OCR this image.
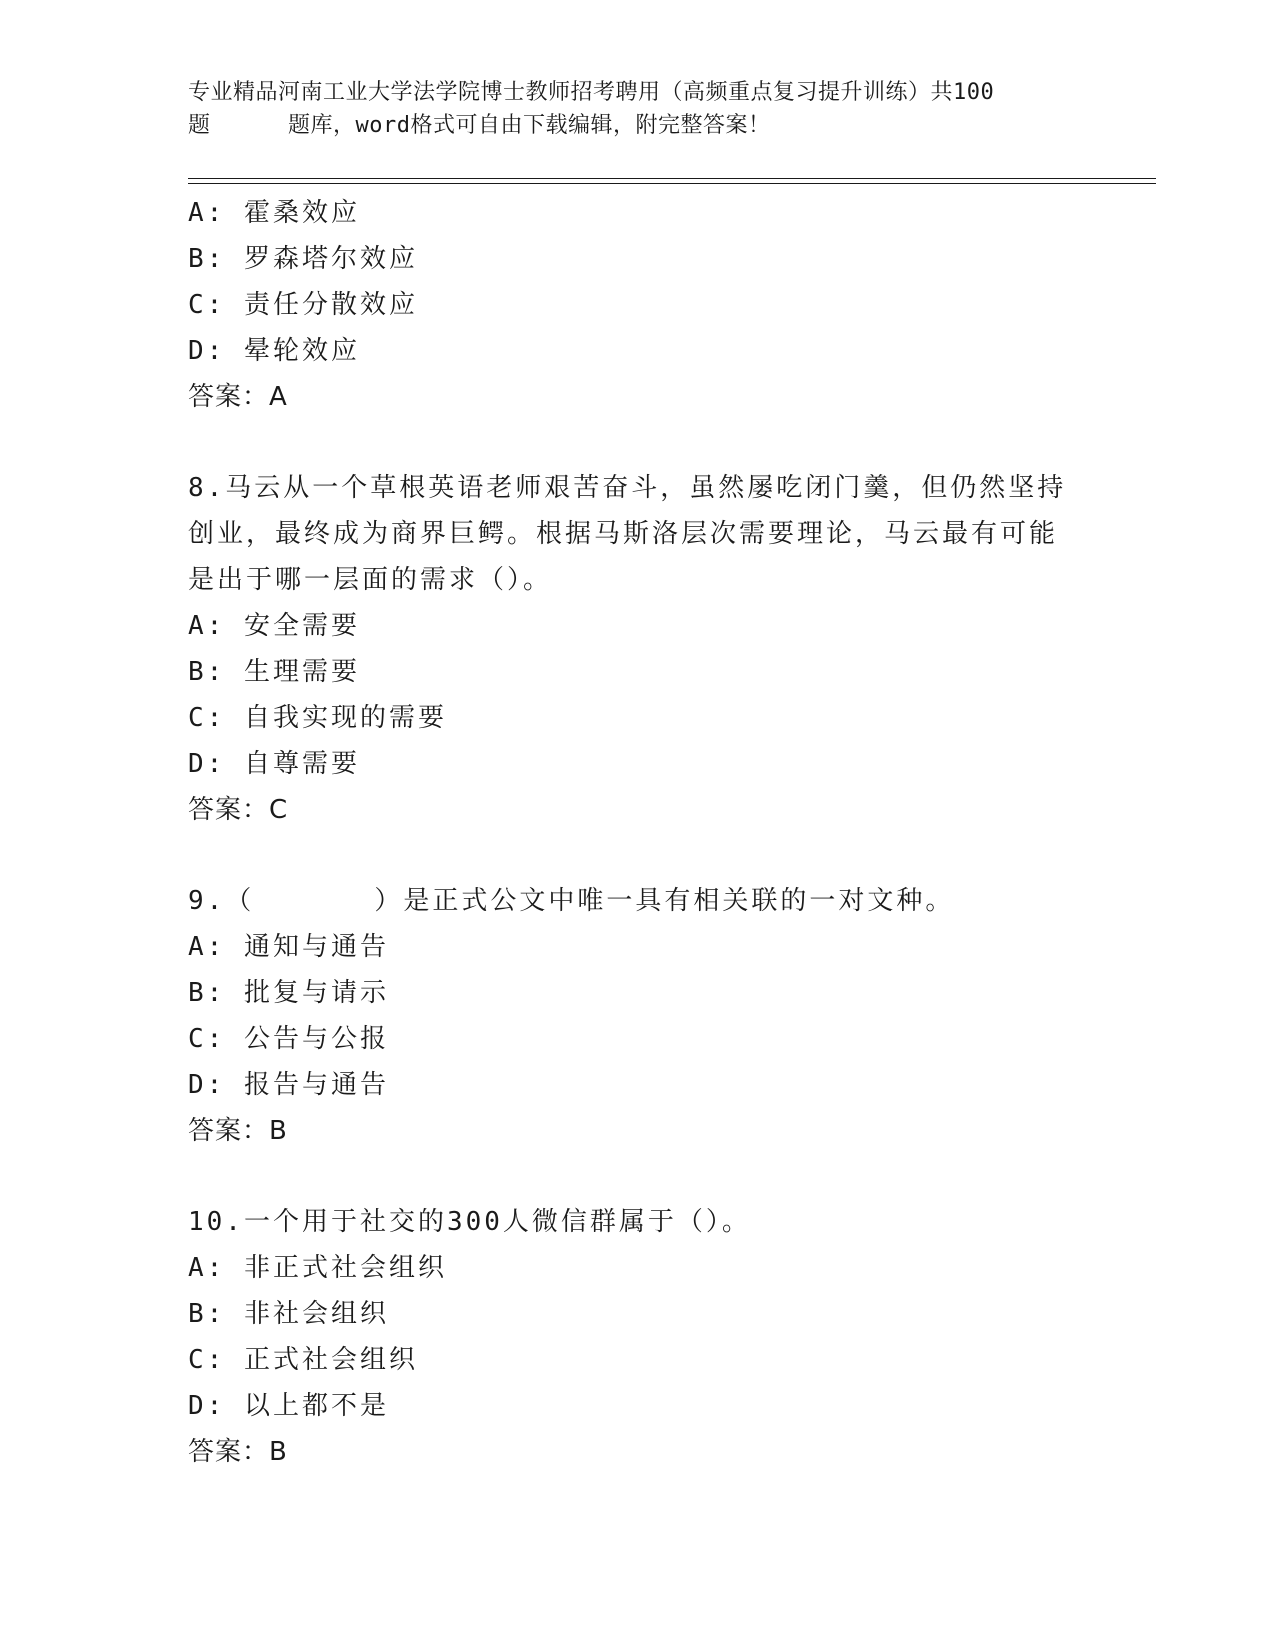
专业精品河南工业大学法学院博士教师招考聘用（高频重点复习提升训练）共100
题	题库，word格式可自由下载编辑，附完整答案！
A: 霍桑效应
B: 罗森塔尔效应
C: 责任分散效应
D: 晕轮效应
答案：A
8.马云从一个草根英语老师艰苦奋斗，虽然屡吃闭门羹，但仍然坚持
创业，最终成为商界巨鳄。根据马斯洛层次需要理论，马云最有可能
是出于哪一层面的需求（）。
A: 安全需要
B: 生理需要
C: 自我实现的需要
D: 自尊需要
答案：C
9.（	）是正式公文中唯一具有相关联的一对文种。
A: 通知与通告
B: 批复与请示
C: 公告与公报
D: 报告与通告
答案：B
10.一个用于社交的300人微信群属于（）。
A: 非正式社会组织
B: 非社会组织
C: 正式社会组织
D: 以上都不是
答案：B
